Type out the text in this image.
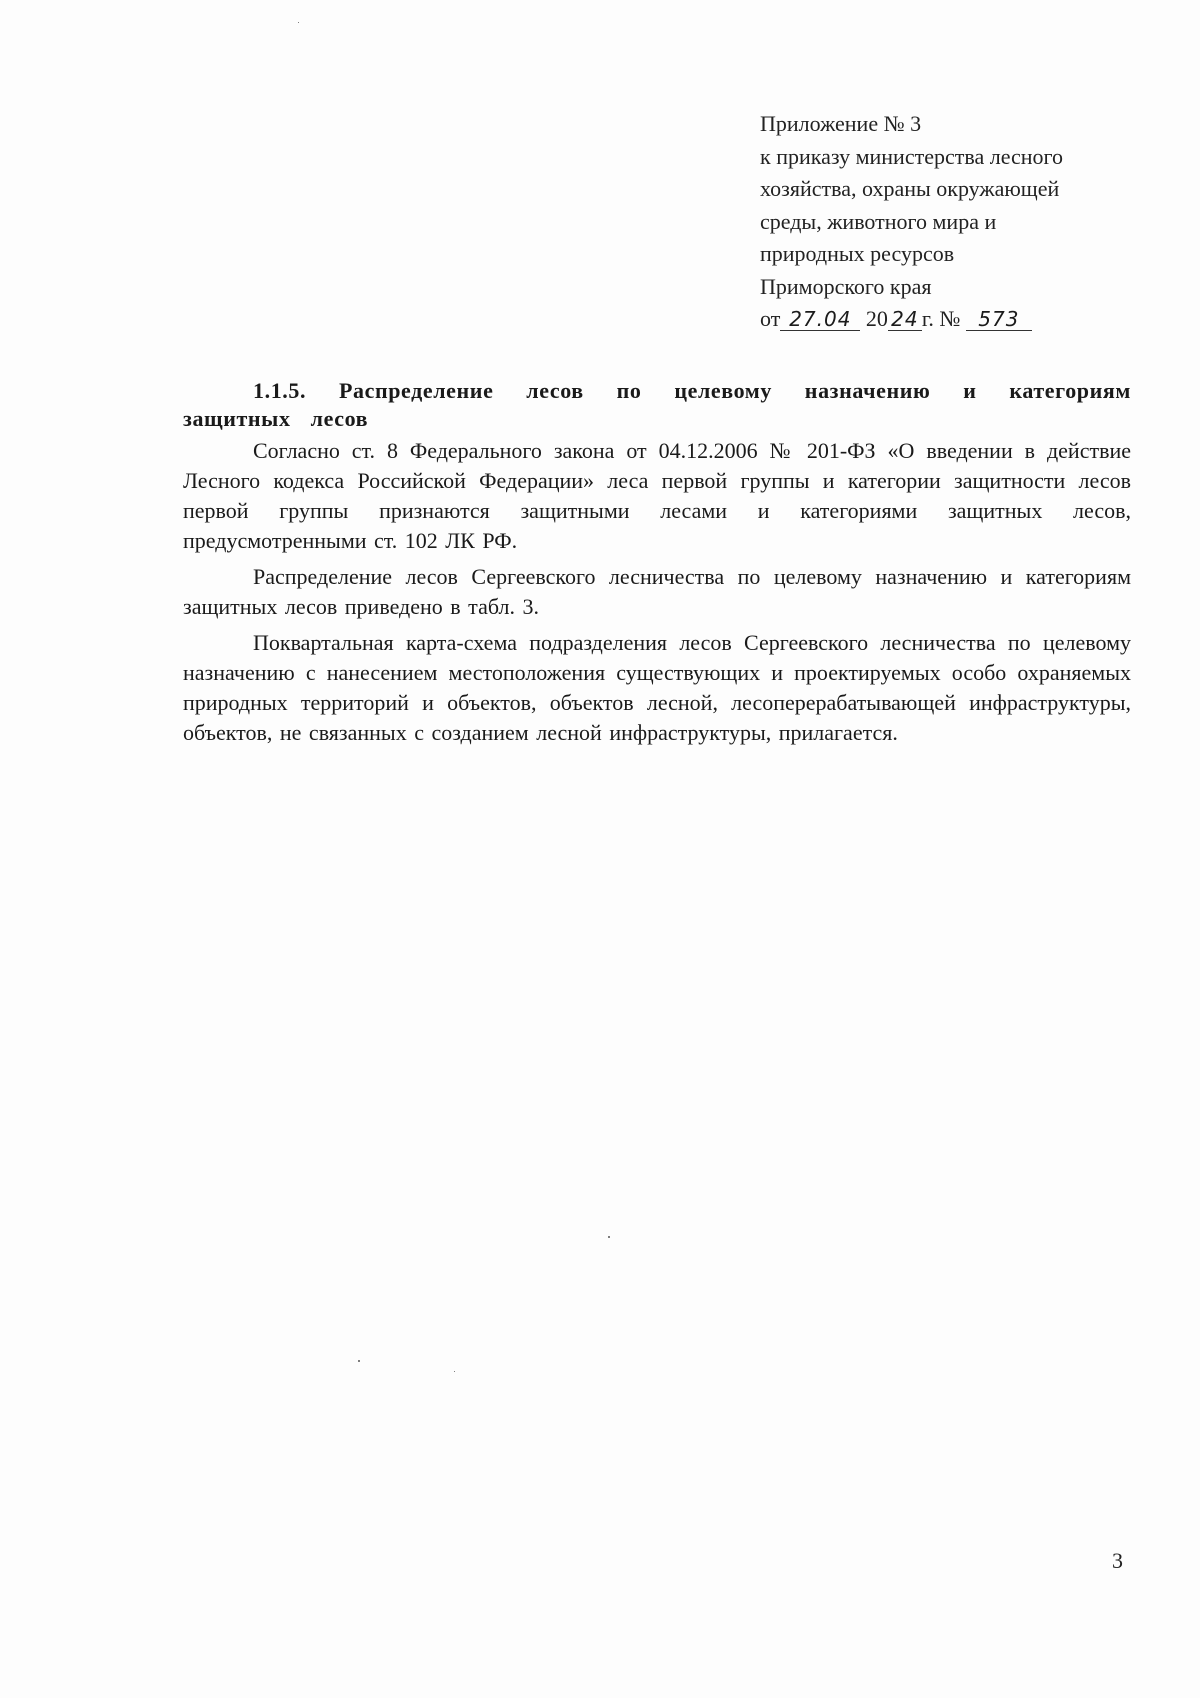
Приложение № 3
к приказу министерства лесного
хозяйства, охраны окружающей
среды, животного мира и
природных ресурсов
Приморского края
от 27.04 20 24 г. № 573

1.1.5. Распределение лесов по целевому назначению и категориям защитных лесов

Согласно ст. 8 Федерального закона от 04.12.2006 № 201-ФЗ «О введении в действие Лесного кодекса Российской Федерации» леса первой группы и категории защитности лесов первой группы признаются защитными лесами и категориями защитных лесов, предусмотренными ст. 102 ЛК РФ.

Распределение лесов Сергеевского лесничества по целевому назначению и категориям защитных лесов приведено в табл. 3.

Поквартальная карта-схема подразделения лесов Сергеевского лесничества по целевому назначению с нанесением местоположения существующих и проектируемых особо охраняемых природных территорий и объектов, объектов лесной, лесоперерабатывающей инфраструктуры, объектов, не связанных с созданием лесной инфраструктуры, прилагается.

3
